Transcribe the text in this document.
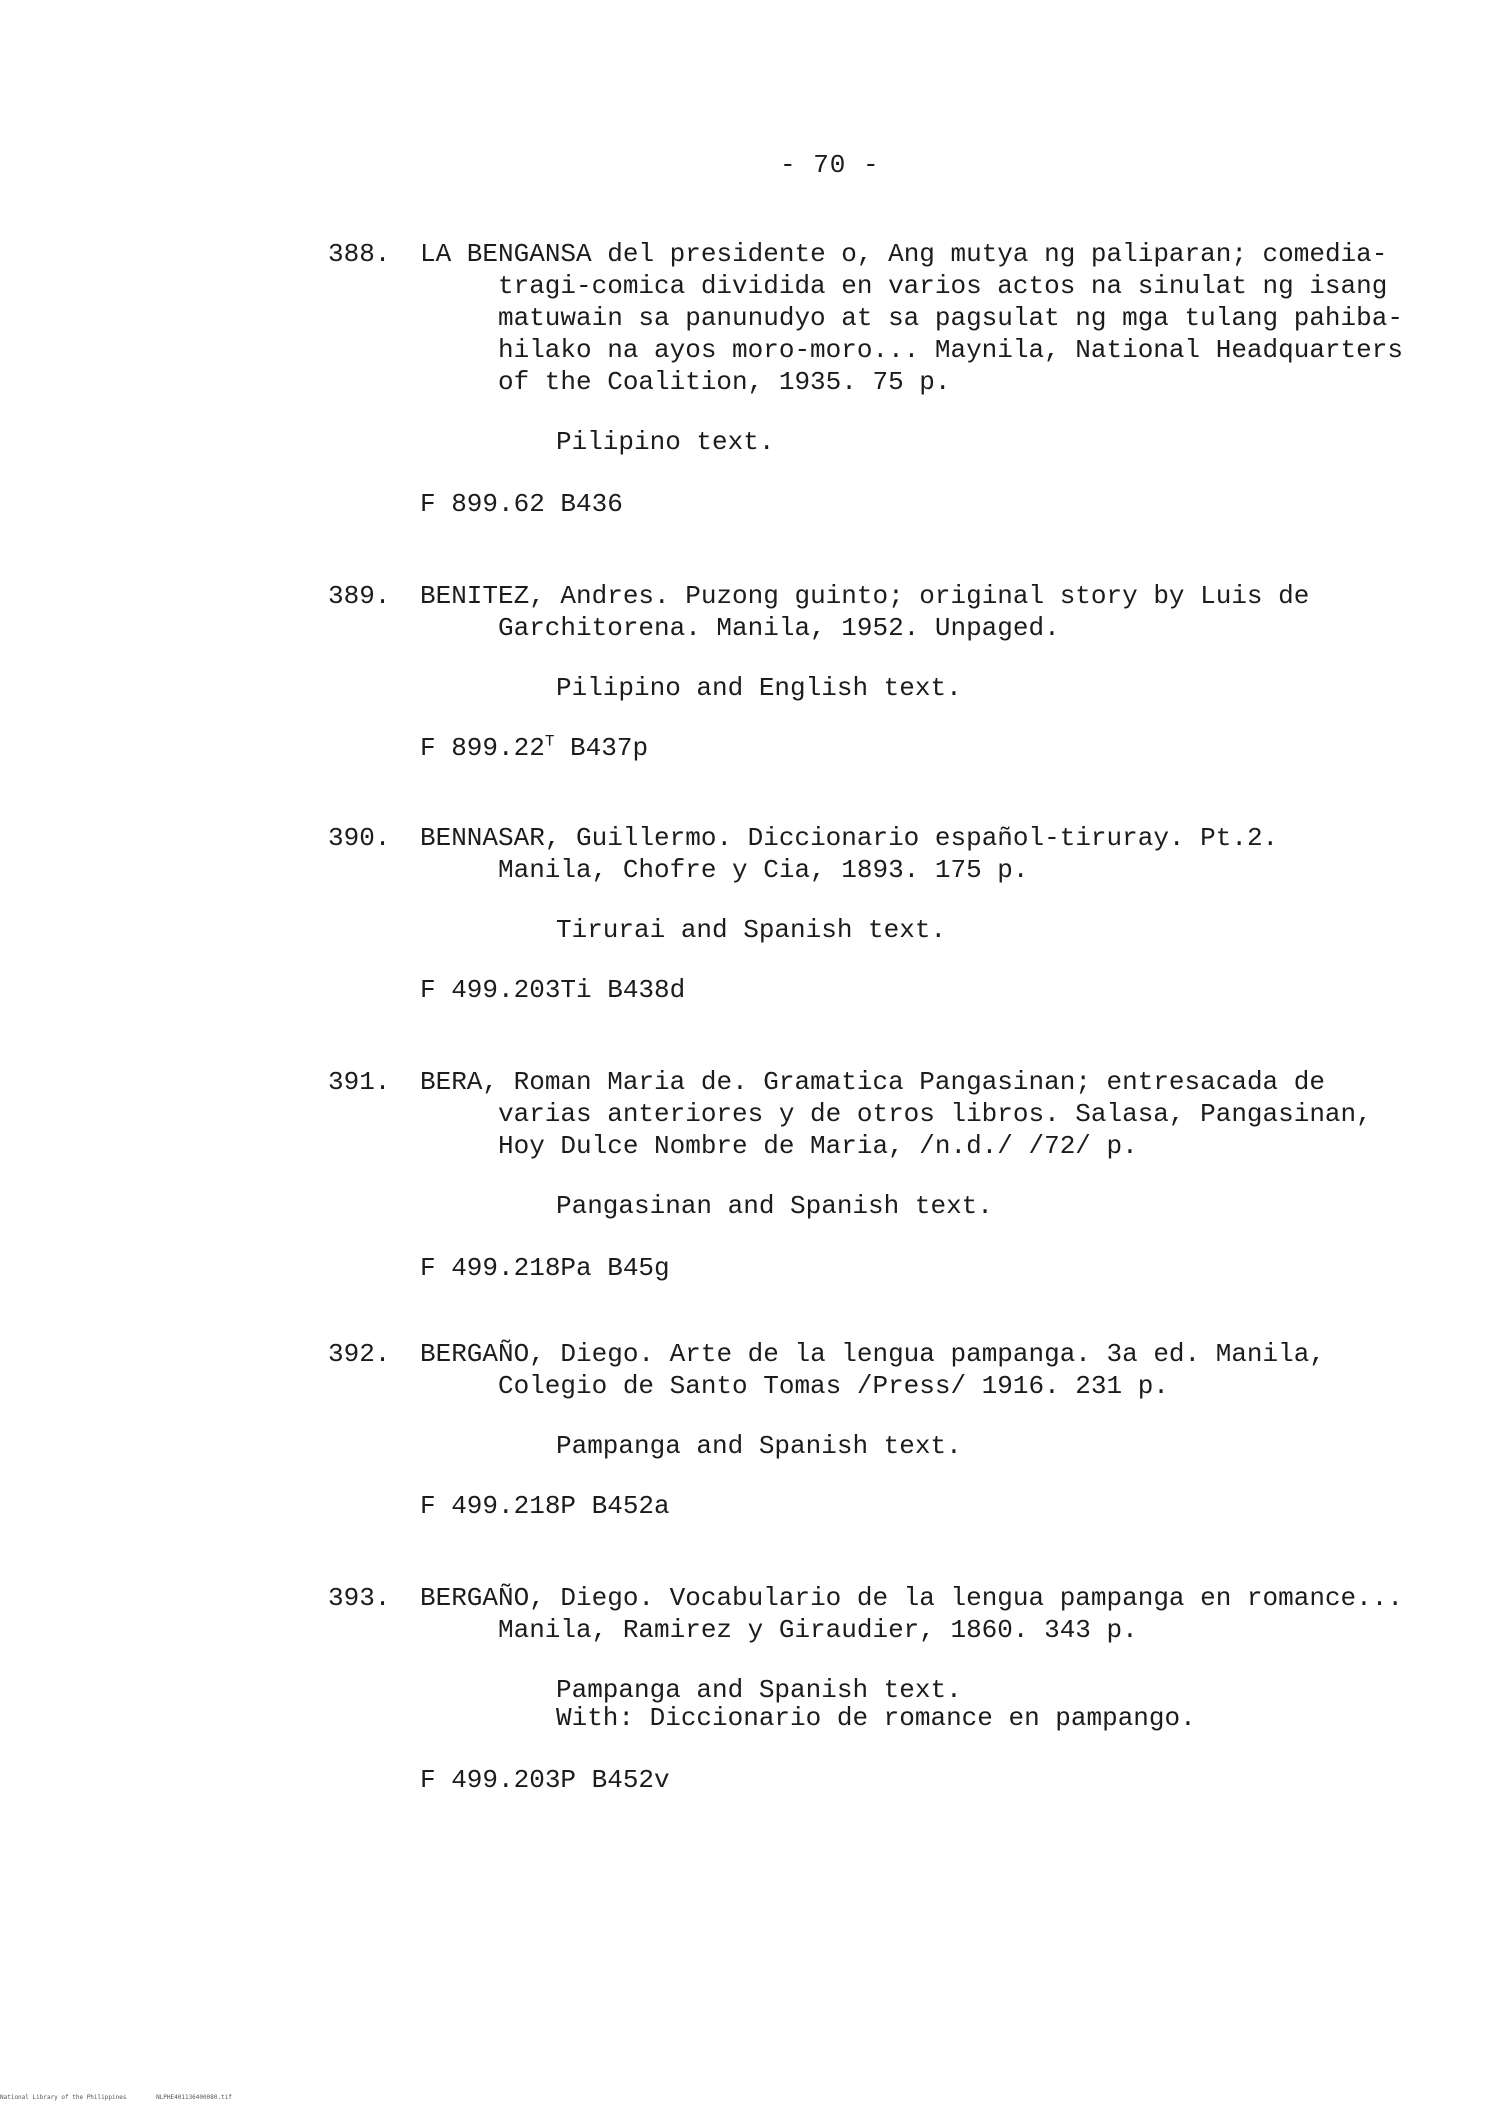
- 70 -
388. LA BENGANSA del presidente o, Ang mutya ng paliparan; comedia-
tragi-comica dividida en varios actos na sinulat ng isang
matuwain sa panunudyo at sa pagsulat ng mga tulang pahiba-
hilako na ayos moro-moro... Maynila, National Headquarters
of the Coalition, 1935. 75 p.
Pilipino text.
F 899.62 B436
389. BENITEZ, Andres. Puzong guinto; original story by Luis de
Garchitorena. Manila, 1952. Unpaged.
Pilipino and English text.
F $899.22^T$ B437p
390. BENNASAR, Guillermo. Diccionario español-tiruray. Pt.2.
Manila, Chofre y Cia, 1893. 175 p.
Tirurai and Spanish text.
F 499.203Ti B438d
391. BERA, Roman Maria de. Gramatica Pangasinan; entresacada de
varias anteriores y de otros libros. Salasa, Pangasinan,
Hoy Dulce Nombre de Maria, /n.d./ /72/ p.
Pangasinan and Spanish text.
F 499.218Pa B45g
392. BERGAÑO, Diego. Arte de la lengua pampanga. 3a ed. Manila,
Colegio de Santo Tomas /Press/ 1916. 231 p.
Pampanga and Spanish text.
F 499.218P B452a
393. BERGAÑO, Diego. Vocabulario de la lengua pampanga en romance...
Manila, Ramirez y Giraudier, 1860. 343 p.
Pampanga and Spanish text.
With: Diccionario de romance en pampango.
F 499.203P B452v
National Library of the Philippines	NLPHE401136400080.tif
